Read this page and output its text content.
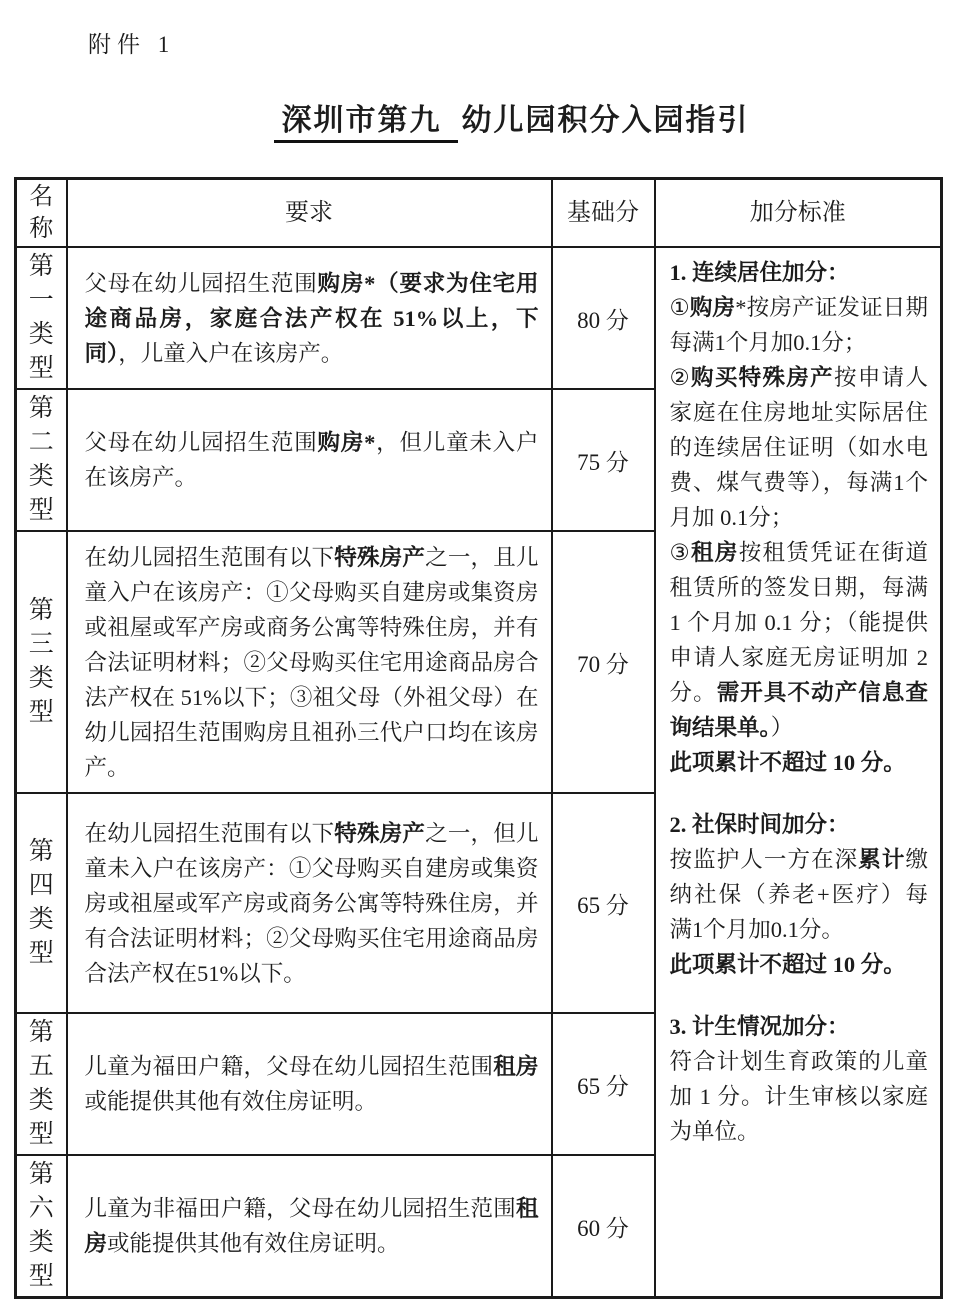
附件 1
深圳市第九 幼儿园积分入园指引
名称	要求	基础分	加分标准
第一类型	父母在幼儿园招生范围购房*（要求为住宅用途商品房，家庭合法产权在 51%以上，下同），儿童入户在该房产。	80 分	
1. 连续居住加分：
①购房*按房产证发证日期每满1个月加0.1分；
②购买特殊房产按申请人家庭在住房地址实际居住的连续居住证明（如水电费、煤气费等），每满1个月加 0.1分；
③租房按租赁凭证在街道租赁所的签发日期，每满 1 个月加 0.1 分；（能提供申请人家庭无房证明加 2 分。需开具不动产信息查询结果单。）
此项累计不超过 10 分。
2. 社保时间加分：
按监护人一方在深累计缴纳社保（养老+医疗）每满1个月加0.1分。
此项累计不超过 10 分。
3. 计生情况加分：
符合计划生育政策的儿童加 1 分。计生审核以家庭为单位。

第二类型	父母在幼儿园招生范围购房*，但儿童未入户在该房产。	75 分	
第三类型	在幼儿园招生范围有以下特殊房产之一，且儿童入户在该房产：①父母购买自建房或集资房或祖屋或军产房或商务公寓等特殊住房，并有合法证明材料；②父母购买住宅用途商品房合法产权在 51%以下；③祖父母（外祖父母）在幼儿园招生范围购房且祖孙三代户口均在该房产。	70 分	
第四类型	在幼儿园招生范围有以下特殊房产之一，但儿童未入户在该房产：①父母购买自建房或集资房或祖屋或军产房或商务公寓等特殊住房，并有合法证明材料；②父母购买住宅用途商品房合法产权在51%以下。	65 分	
第五类型	儿童为福田户籍，父母在幼儿园招生范围租房或能提供其他有效住房证明。	65 分	
第六类型	儿童为非福田户籍，父母在幼儿园招生范围租房或能提供其他有效住房证明。	60 分	
